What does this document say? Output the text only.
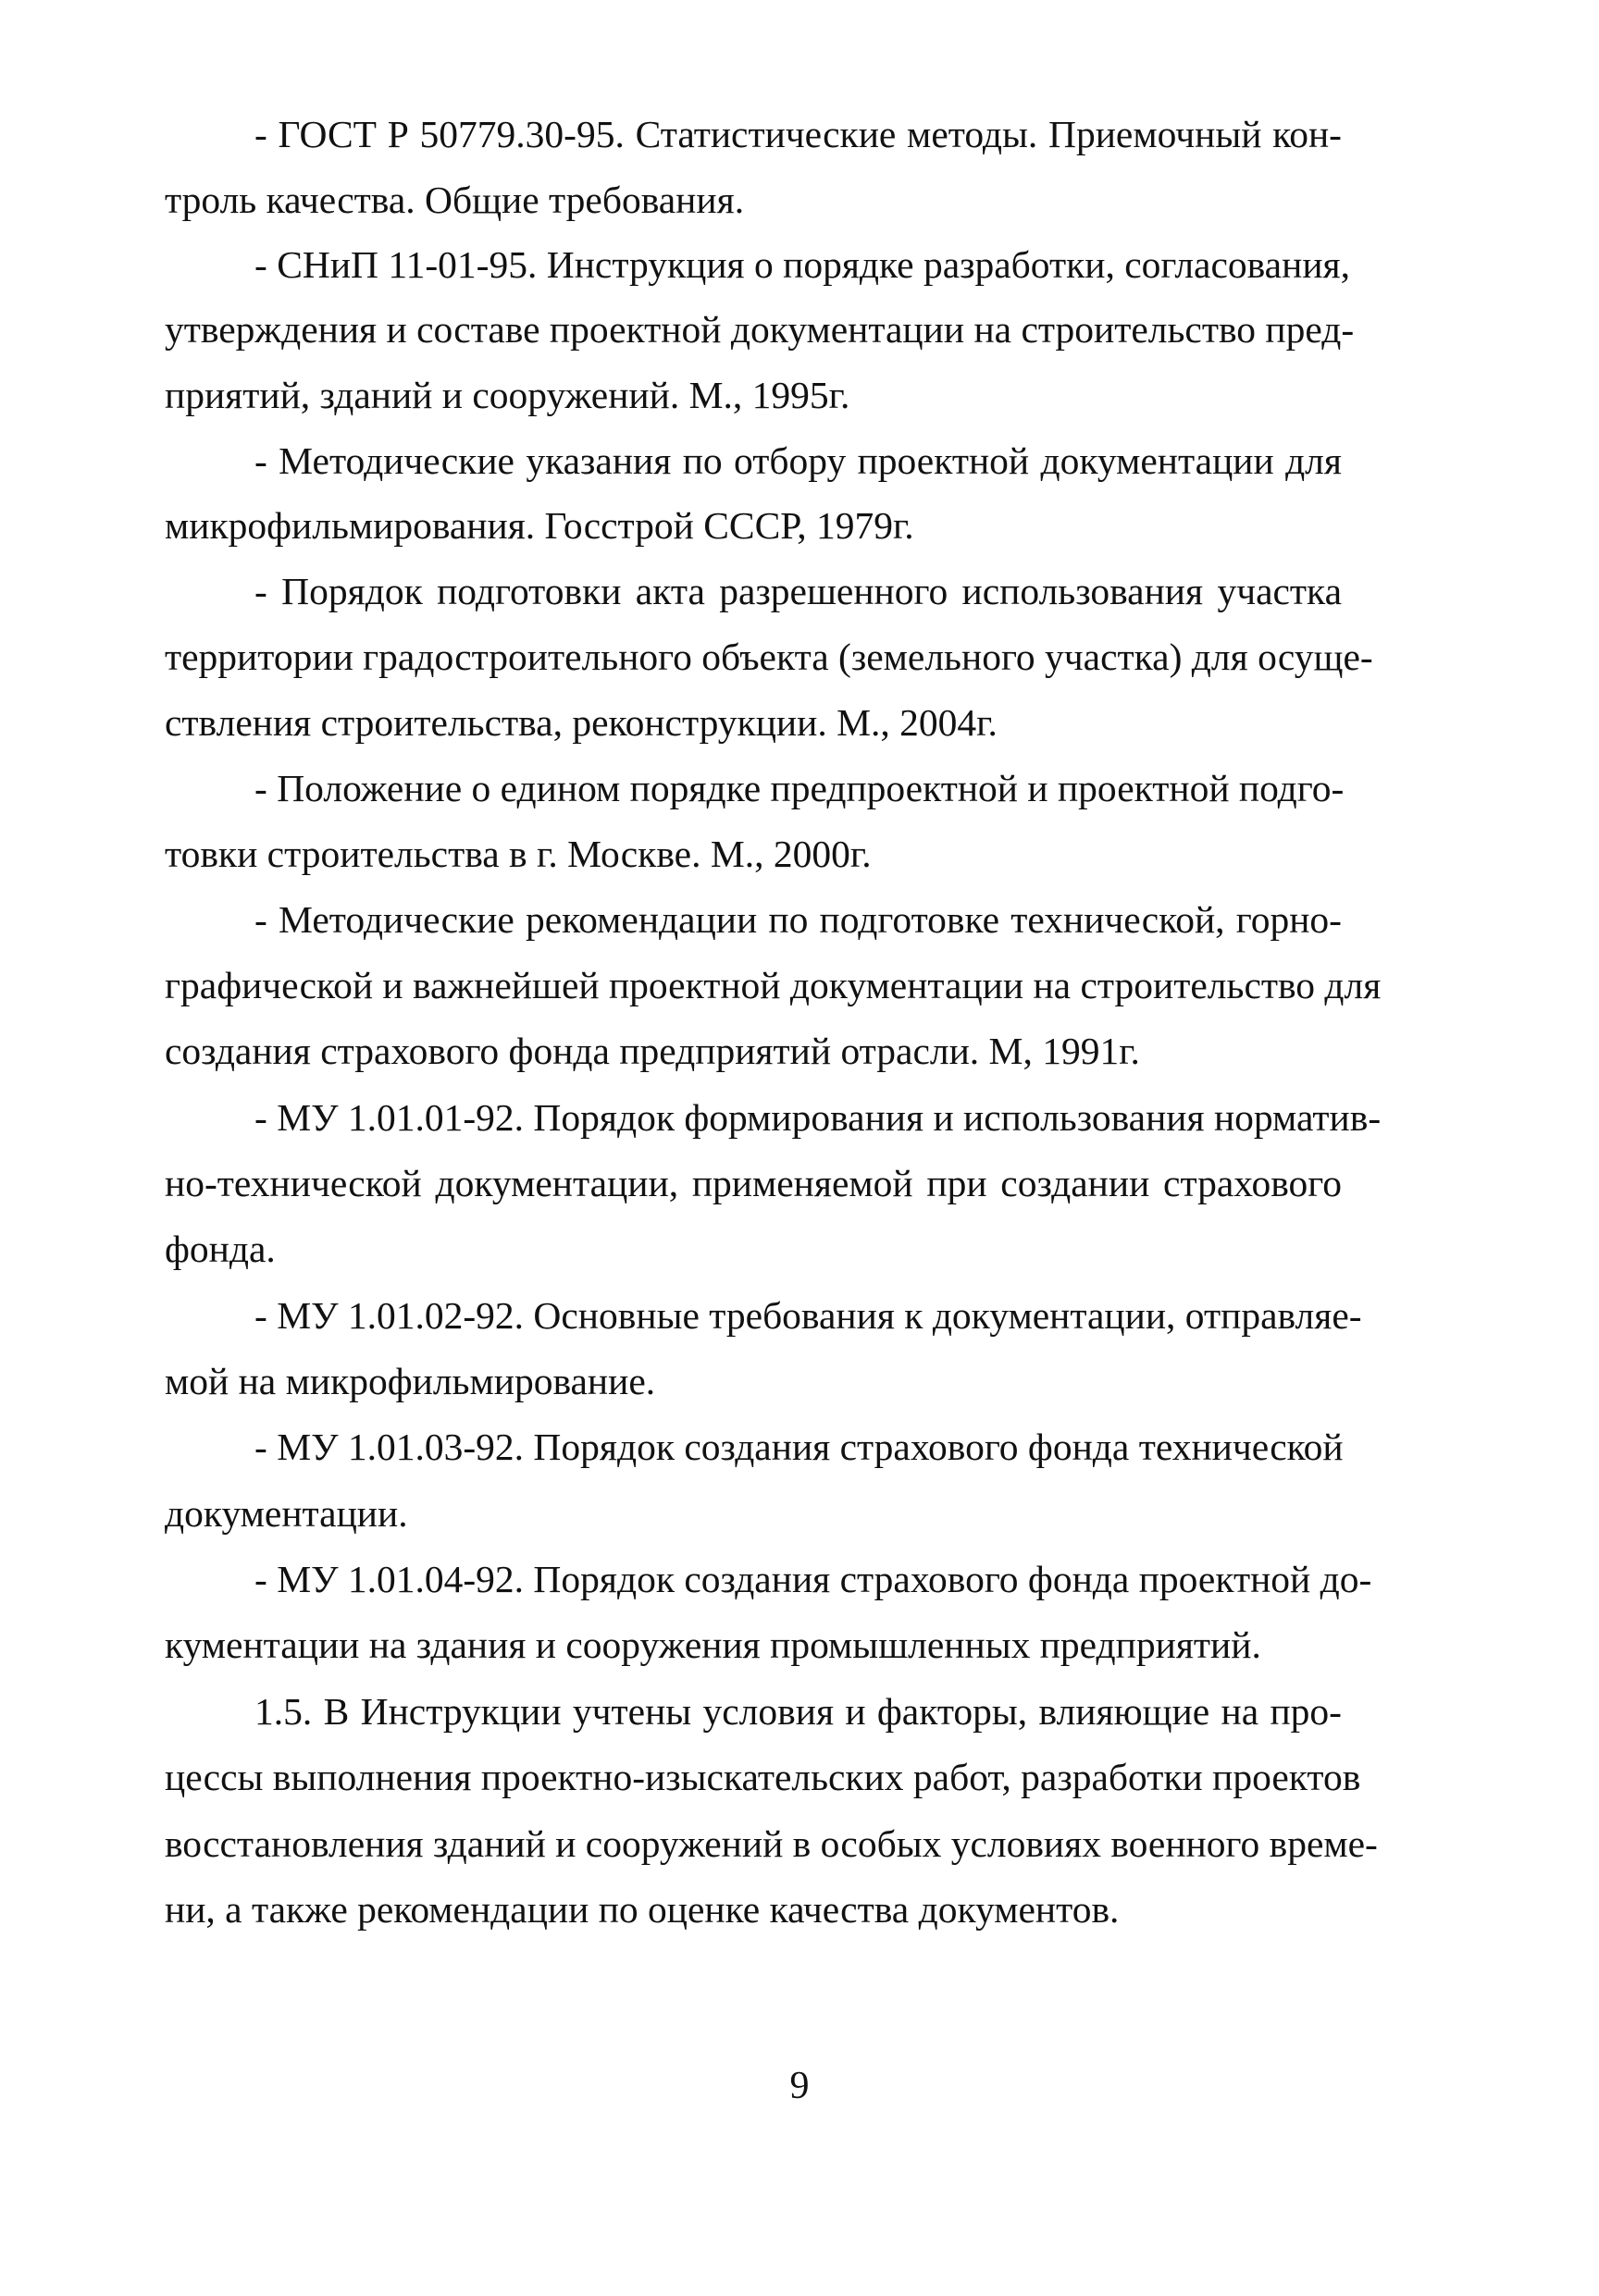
- ГОСТ Р 50779.30-95. Статистические методы. Приемочный кон-

троль качества. Общие требования.

- СНиП 11-01-95. Инструкция о порядке разработки, согласования,

утверждения и составе проектной документации на строительство пред-

приятий, зданий и сооружений. М., 1995г.

- Методические указания по отбору проектной документации для

микрофильмирования. Госстрой СССР, 1979г.

- Порядок подготовки акта разрешенного использования участка

территории градостроительного объекта (земельного участка) для осуще-

ствления строительства, реконструкции. М., 2004г.

- Положение о едином порядке предпроектной и проектной подго-

товки строительства в г. Москве. М., 2000г.

- Методические рекомендации по подготовке технической, горно-

графической и важнейшей проектной документации на строительство для

создания страхового фонда предприятий отрасли. М, 1991г.

- МУ 1.01.01-92. Порядок формирования и использования норматив-

но-технической документации, применяемой при создании страхового

фонда.

- МУ 1.01.02-92. Основные требования к документации, отправляе-

мой на микрофильмирование.

- МУ 1.01.03-92. Порядок создания страхового фонда технической

документации.

- МУ 1.01.04-92. Порядок создания страхового фонда проектной до-

кументации на здания и сооружения промышленных предприятий.

1.5. В Инструкции учтены условия и факторы, влияющие на про-

цессы выполнения проектно-изыскательских работ, разработки проектов

восстановления зданий и сооружений в особых условиях военного време-

ни, а также рекомендации по оценке качества документов.

9
